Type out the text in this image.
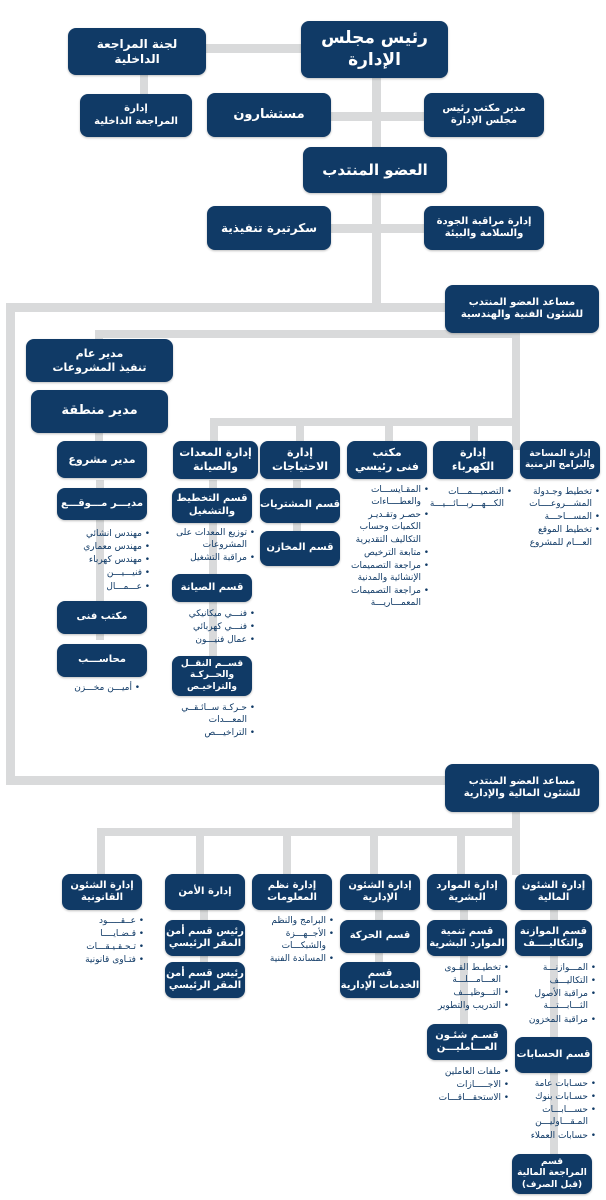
رئيس مجلس
الإدارة
لجنة المراجعة
الداخلية
إدارة
المراجعة الداخلية	مستشارون	مدير مكتب رئيس
مجلس الإدارة
العضو المنتدب
سكرتيرة تنفيذية	إدارة مراقبة الجودة
والسلامة والبيئة
مساعد العضو المنتدب
للشئون الفنية والهندسية
مدير عام
تنفيذ المشروعات
مدير منطقة
مدير مشروع
مديـــر مـــوقـــع
• مهندس انشائي
• مهندس معماري
• مهندس كهرباء
• فنيـــيـــن
• عـــمـــال
مكتب فنى
محاســـب
• أميـــن مخـــزن
إدارة المعدات
والصيانة
قسم التخطيط
والتشغيل
• توزيع المعدات على المشروعات
• مراقبة التشغيل
قسم الصيانة
• فنـــي ميكانيكي
• فنـــي كهربائي
• عمال فنيـــون
قســم النقــل
والحــركـة
والتراخيـص
• حـركـة ســائـقــي المعـــدات
• التراخيـــص
إدارة
الاحتياجات
قسم المشتريات
قسم المخازن
مكتب
فنى رئيسي
• المقـايســـات والعطــــاءات
• حصـر وتقـديـر الكميات وحساب التكاليف التقديرية
• متابعة الترخيص
• مراجعة التصميمات الإنشائية والمدنية
• مراجعة التصميمات المعمـــاريـــة
إدارة
الكهرباء
• التصميـــمـــات الكـــهـــربـــائـــيـــة
إدارة المساحة
والبرامج الزمنية
• تخطيط وجـدولة المشـــروعــــات
• المســـاحـــة
• تخطيط الموقع العـــام للمشروع
مساعد العضو المنتدب
للشئون المالية والإدارية
إدارة الشئون
المالية
قسم الموازنة
والتكاليــــف
• المـــوازنـــة
• التكاليـــف
• مراقبة الأصول الثـــابـــتـــة
• مراقبة المخزون
قسم الحسابات
• حسـابات عامة
• حسـابات بنوك
• حســـابـــات المـقـــاوليـــن
• حسابات العملاء
قسم
المراجعة المالية
(قبل الصرف)
إدارة الموارد
البشرية
قسم تنمية
الموارد البشرية
• تخطيـط القـوى العـــامـــلـــة
• التـــوظيـــف
• التدريب والتطوير
قسـم شئـون
العـــامليـــن
• ملفات العاملين
• الاجـــــازات
• الاستحقـــاقـــات
إدارة الشئون
الإدارية
قسم الحركة
قسم
الخدمات الإدارية
إدارة نظم
المعلومات
• البرامج والنظم
• الأجــهـــزة والشبكـــات
• المساندة الفنية
إدارة الأمن
رئيس قسم أمن
المقر الرئيسي
رئيس قسم أمن
المقر الرئيسي
إدارة الشئون
القانونية
• عــقـــــود
• قـضـايــــا
• تـحـقـيـقـــات
• فتـاوى قانونية
